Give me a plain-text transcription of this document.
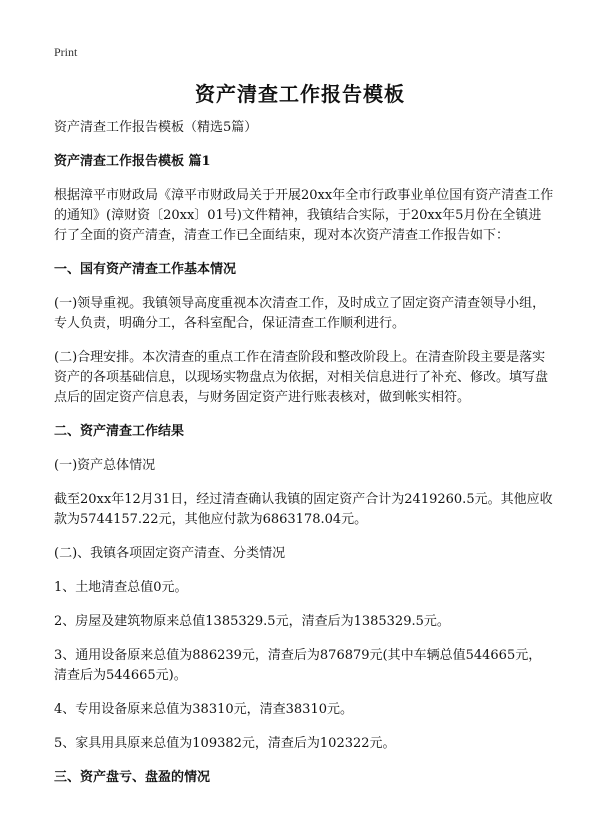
Print
资产清查工作报告模板

资产清查工作报告模板（精选5篇）

资产清查工作报告模板 篇1

根据漳平市财政局《漳平市财政局关于开展20xx年全市行政事业单位国有资产清查工作的通知》(漳财资〔20xx〕01号)文件精神，我镇结合实际，于20xx年5月份在全镇进行了全面的资产清查，清查工作已全面结束，现对本次资产清查工作报告如下：

一、国有资产清查工作基本情况

(一)领导重视。我镇领导高度重视本次清查工作，及时成立了固定资产清查领导小组，专人负责，明确分工，各科室配合，保证清查工作顺利进行。

(二)合理安排。本次清查的重点工作在清查阶段和整改阶段上。在清查阶段主要是落实资产的各项基础信息，以现场实物盘点为依据，对相关信息进行了补充、修改。填写盘点后的固定资产信息表，与财务固定资产进行账表核对，做到帐实相符。

二、资产清查工作结果

(一)资产总体情况

截至20xx年12月31日，经过清查确认我镇的固定资产合计为2419260.5元。其他应收款为5744157.22元，其他应付款为6863178.04元。

(二)、我镇各项固定资产清查、分类情况

1、土地清查总值0元。

2、房屋及建筑物原来总值1385329.5元，清查后为1385329.5元。

3、通用设备原来总值为886239元，清查后为876879元(其中车辆总值544665元，清查后为544665元)。

4、专用设备原来总值为38310元，清查38310元。

5、家具用具原来总值为109382元，清查后为102322元。

三、资产盘亏、盘盈的情况
